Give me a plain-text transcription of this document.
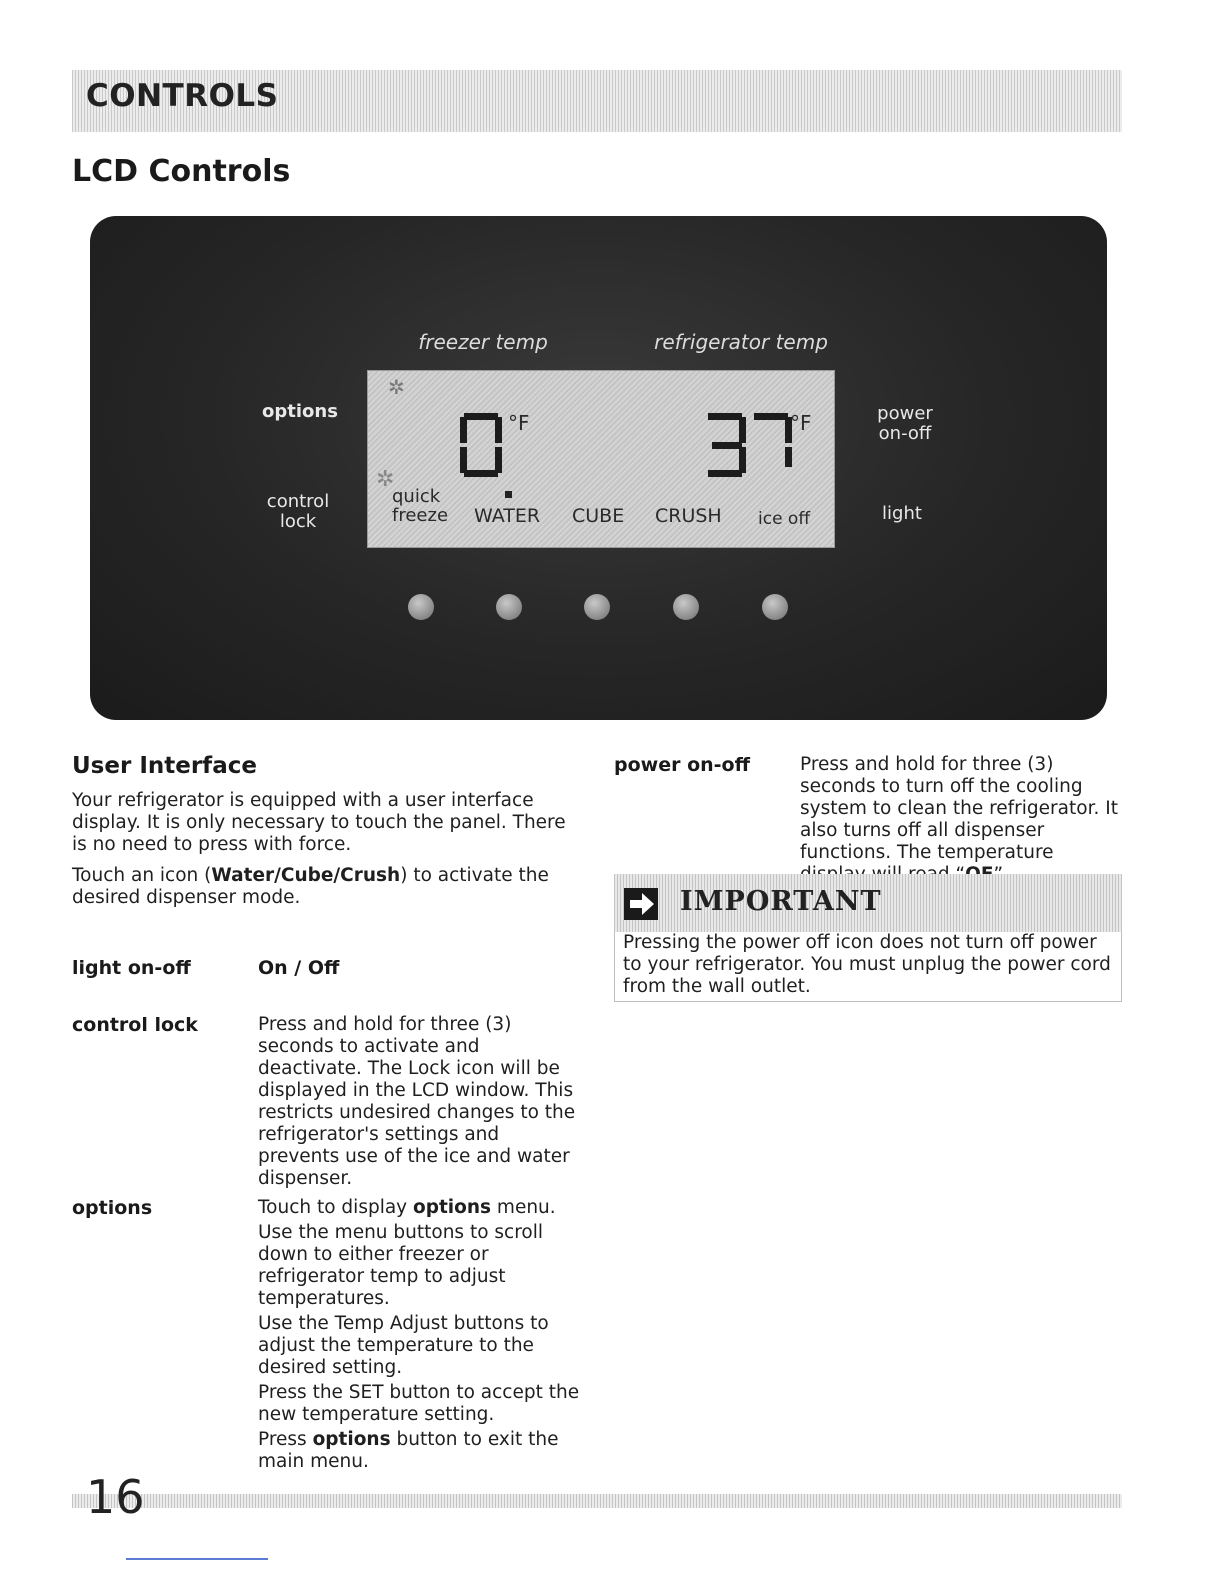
CONTROLS
LCD Controls
freezer temp	refrigerator temp
options
control
lock
power
on-off
light
✲
°F	°F
✲
quick
freeze WATER CUBE CRUSH ice off
User Interface

Your refrigerator is equipped with a user interface display. It is only necessary to touch the panel. There is no need to press with force.

Touch an icon (Water/Cube/Crush) to activate the desired dispenser mode.

light on-off	On / Off
control lock	Press and hold for three (3) seconds to activate and deactivate. The Lock icon will be displayed in the LCD window. This restricts undesired changes to the refrigerator's settings and prevents use of the ice and water dispenser.
options	Touch to display options menu.

Use the menu buttons to scroll down to either freezer or refrigerator temp to adjust temperatures.

Use the Temp Adjust buttons to adjust the temperature to the desired setting.

Press the SET button to accept the new temperature setting.

Press options button to exit the main menu.

power on-off	Press and hold for three (3) seconds to turn off the cooling system to clean the refrigerator. It also turns off all dispenser functions. The temperature
IMPORTANT
Pressing the power off icon does not turn off power to your refrigerator. You must unplug the power cord from the wall outlet.
16
